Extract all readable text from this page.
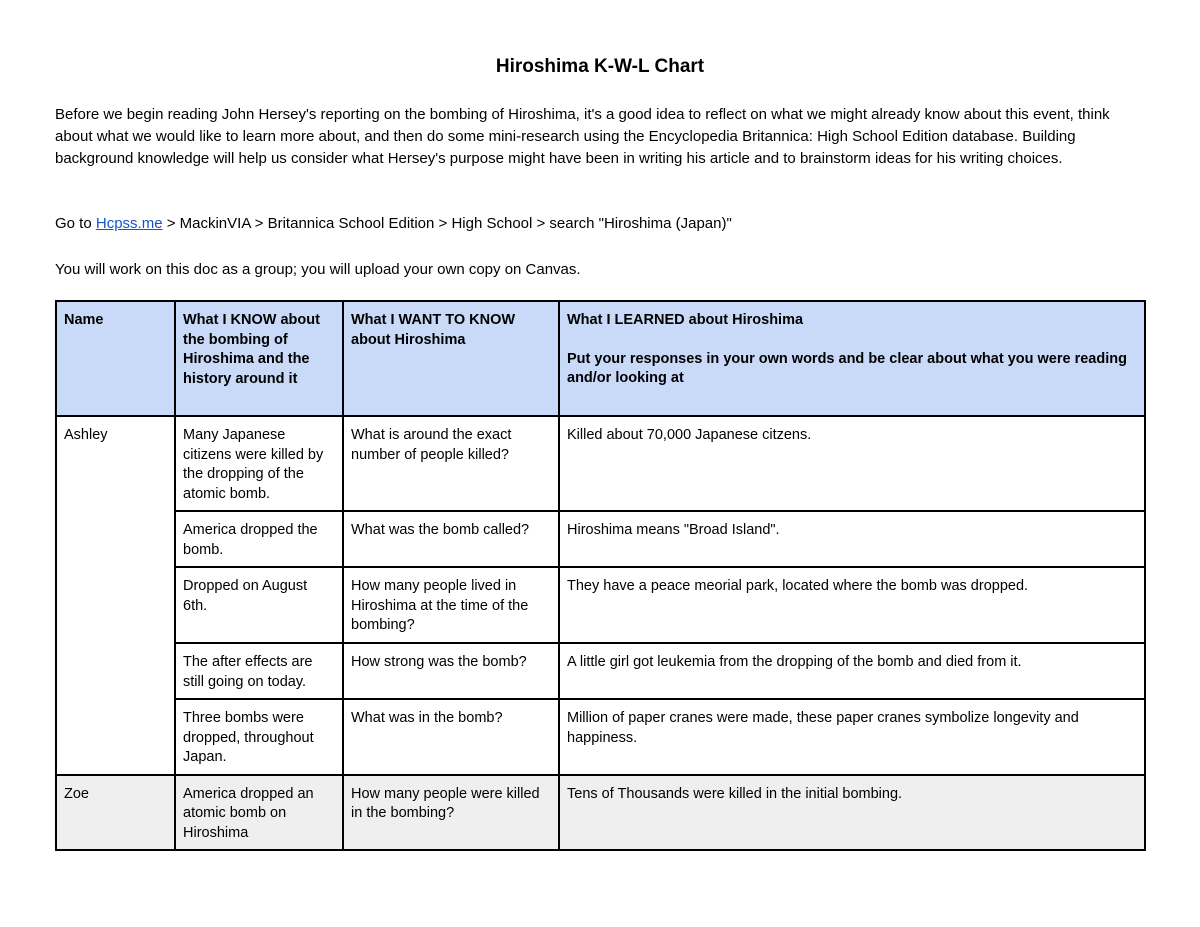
Hiroshima K-W-L Chart

Before we begin reading John Hersey's reporting on the bombing of Hiroshima, it's a good idea to reflect on what we might already know about this event, think about what we would like to learn more about, and then do some mini-research using the Encyclopedia Britannica: High School Edition database. Building background knowledge will help us consider what Hersey's purpose might have been in writing his article and to brainstorm ideas for his writing choices.

Go to Hcpss.me > MackinVIA > Britannica School Edition > High School > search "Hiroshima (Japan)"

You will work on this doc as a group; you will upload your own copy on Canvas.

Name	What I KNOW about the bombing of Hiroshima and the history around it	What I WANT TO KNOW about Hiroshima	What I LEARNED about Hiroshima
Put your responses in your own words and be clear about what you were reading and/or looking at

Ashley	Many Japanese citizens were killed by the dropping of the atomic bomb.	What is around the exact number of people killed?	Killed about 70,000 Japanese citzens.
	America dropped the bomb.	What was the bomb called?	Hiroshima means "Broad Island".
	Dropped on August 6th.	How many people lived in Hiroshima at the time of the bombing?	They have a peace meorial park, located where the bomb was dropped.
	The after effects are still going on today.	How strong was the bomb?	A little girl got leukemia from the dropping of the bomb and died from it.
	Three bombs were dropped, throughout Japan.	What was in the bomb?	Million of paper cranes were made, these paper cranes symbolize longevity and happiness.
Zoe	America dropped an atomic bomb on Hiroshima	How many people were killed in the bombing?	Tens of Thousands were killed in the initial bombing.
